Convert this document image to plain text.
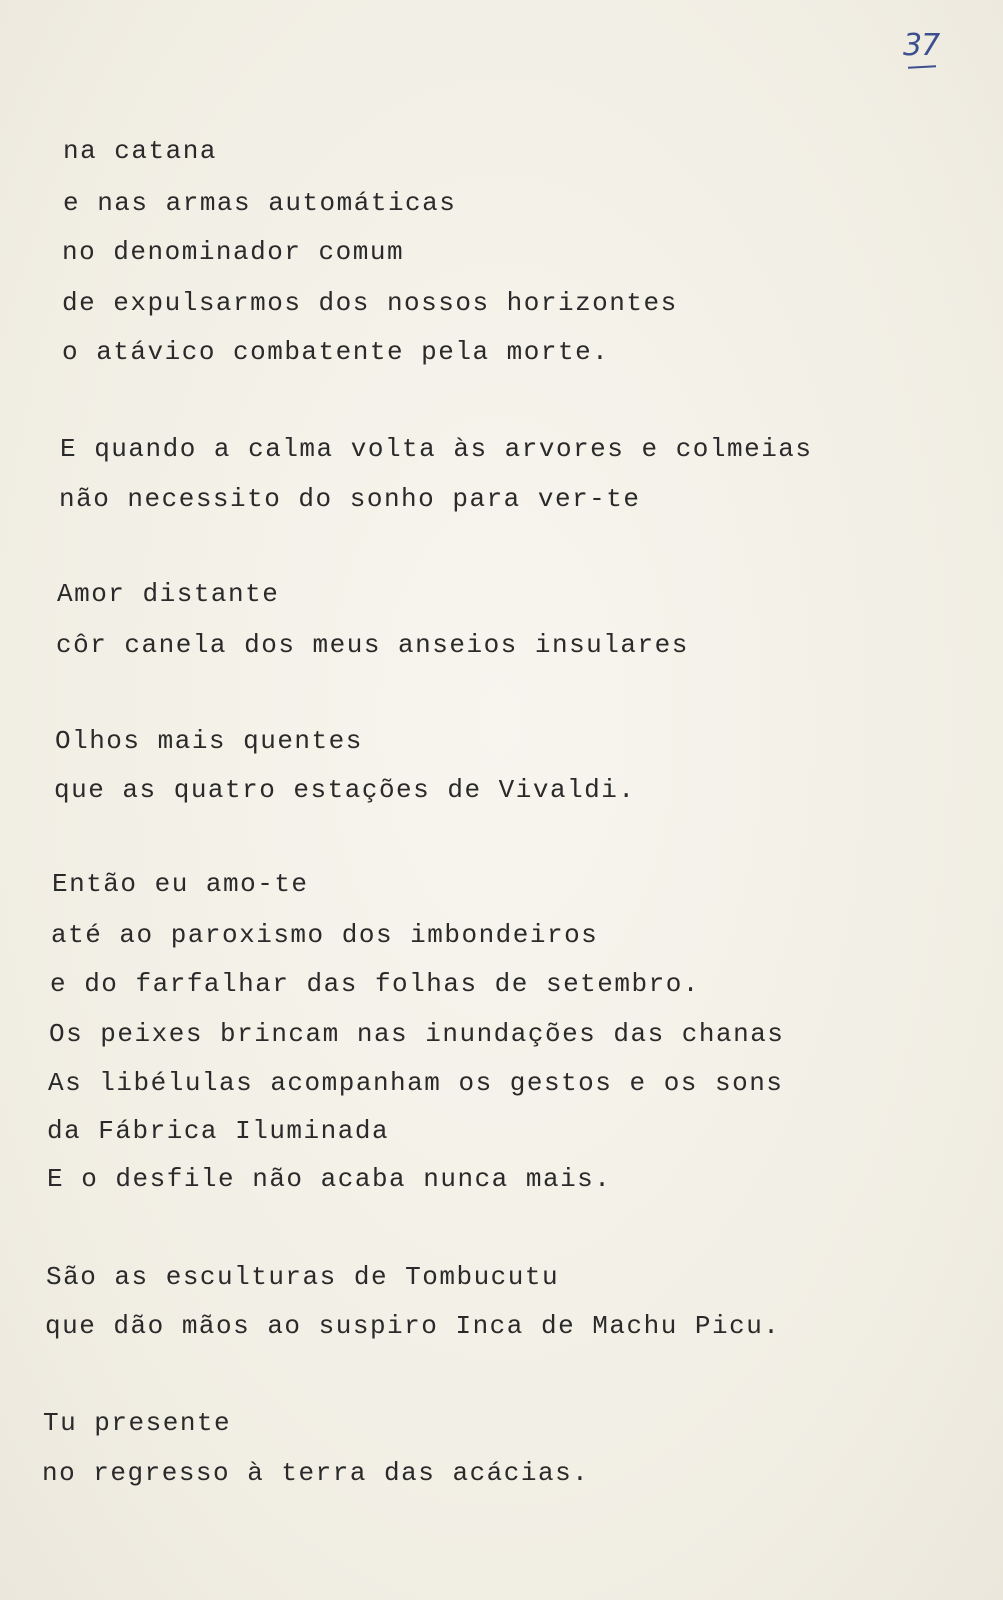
37
na catana
e nas armas automáticas
no denominador comum
de expulsarmos dos nossos horizontes
o atávico combatente pela morte.
E quando a calma volta às arvores e colmeias
não necessito do sonho para ver-te
Amor distante
côr canela dos meus anseios insulares
Olhos mais quentes
que as quatro estações de Vivaldi.
Então eu amo-te
até ao paroxismo dos imbondeiros
e do farfalhar das folhas de setembro.
Os peixes brincam nas inundações das chanas
As libélulas acompanham os gestos e os sons
da Fábrica Iluminada
E o desfile não acaba nunca mais.
São as esculturas de Tombucutu
que dão mãos ao suspiro Inca de Machu Picu.
Tu presente
no regresso à terra das acácias.
